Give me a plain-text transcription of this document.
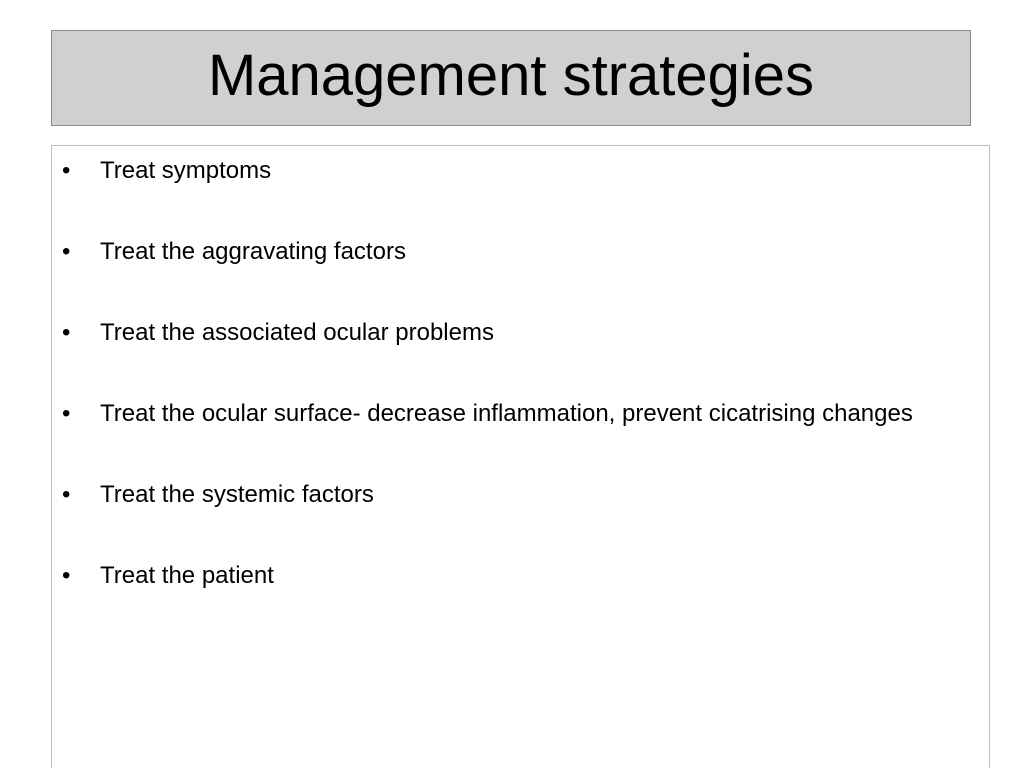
Management strategies
•	Treat symptoms
•	Treat the aggravating factors
•	Treat the associated ocular problems
•	Treat the ocular surface- decrease inflammation, prevent cicatrising changes
•	Treat the systemic factors
•	Treat the patient
